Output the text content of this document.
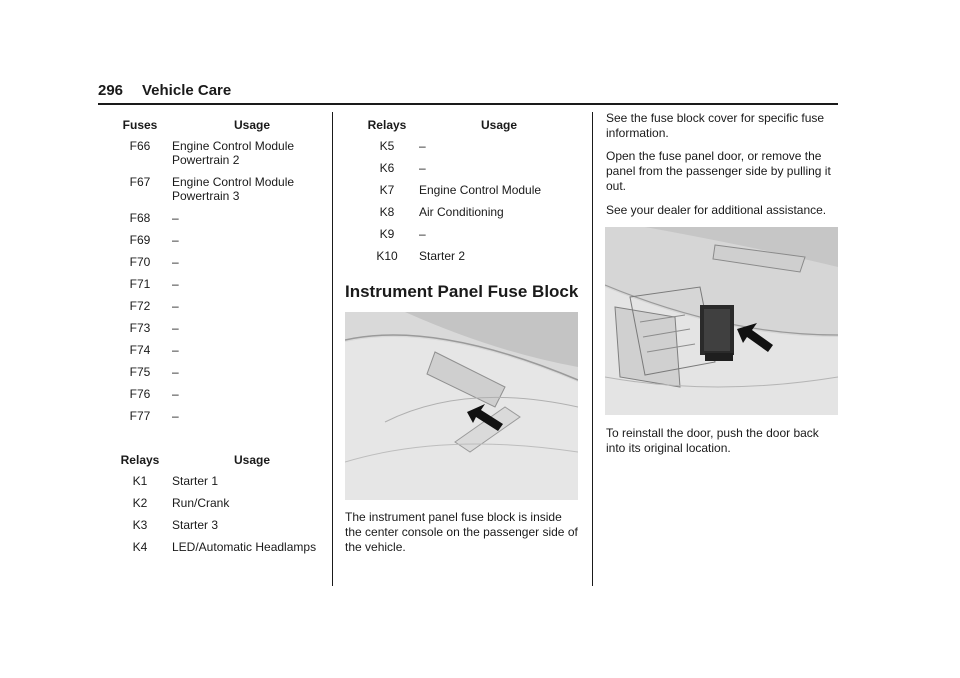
296 Vehicle Care
Fuses	Usage
F66	Engine Control Module Powertrain 2
F67	Engine Control Module Powertrain 3
F68	–
F69	–
F70	–
F71	–
F72	–
F73	–
F74	–
F75	–
F76	–
F77	–
Relays	Usage
K1	Starter 1
K2	Run/Crank
K3	Starter 3
K4	LED/Automatic Headlamps
Relays	Usage
K5	–
K6	–
K7	Engine Control Module
K8	Air Conditioning
K9	–
K10	Starter 2
Instrument Panel Fuse Block

The instrument panel fuse block is inside the center console on the passenger side of the vehicle.

See the fuse block cover for specific fuse information.

Open the fuse panel door, or remove the panel from the passenger side by pulling it out.

See your dealer for additional assistance.

To reinstall the door, push the door back into its original location.
